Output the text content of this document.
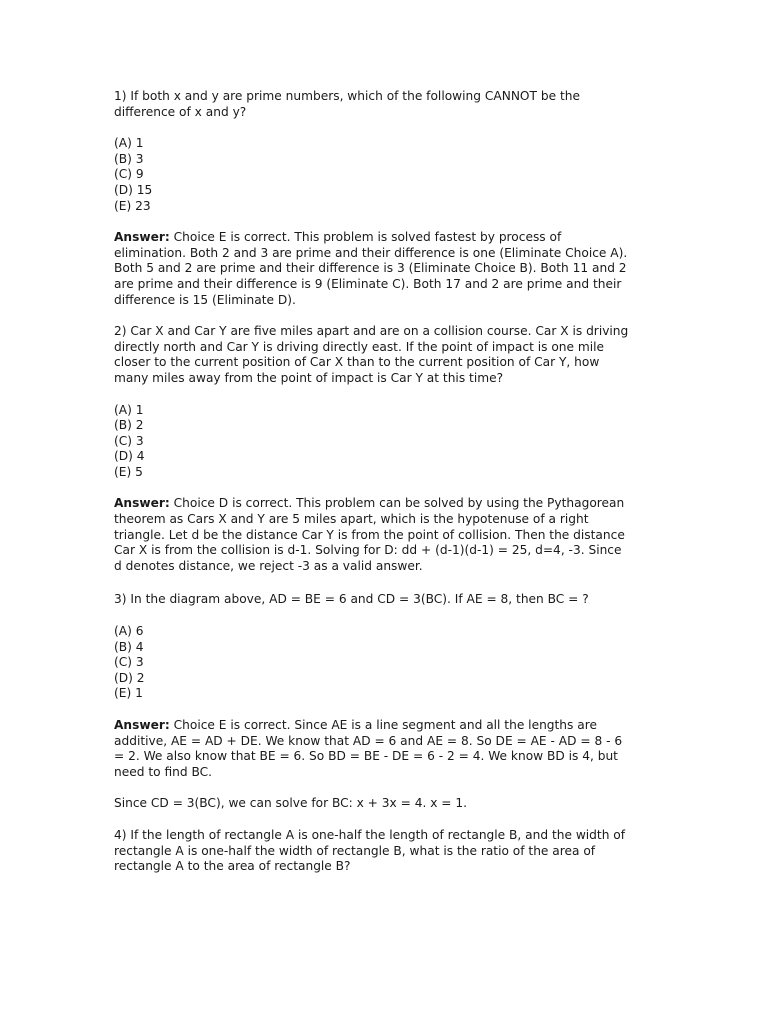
1) If both x and y are prime numbers, which of the following CANNOT be the
difference of x and y?
(A) 1
(B) 3
(C) 9
(D) 15
(E) 23
Answer: Choice E is correct. This problem is solved fastest by process of
elimination. Both 2 and 3 are prime and their difference is one (Eliminate Choice A).
Both 5 and 2 are prime and their difference is 3 (Eliminate Choice B). Both 11 and 2
are prime and their difference is 9 (Eliminate C). Both 17 and 2 are prime and their
difference is 15 (Eliminate D).
2) Car X and Car Y are five miles apart and are on a collision course. Car X is driving
directly north and Car Y is driving directly east. If the point of impact is one mile
closer to the current position of Car X than to the current position of Car Y, how
many miles away from the point of impact is Car Y at this time?
(A) 1
(B) 2
(C) 3
(D) 4
(E) 5
Answer: Choice D is correct. This problem can be solved by using the Pythagorean
theorem as Cars X and Y are 5 miles apart, which is the hypotenuse of a right
triangle. Let d be the distance Car Y is from the point of collision. Then the distance
Car X is from the collision is d-1. Solving for D: dd + (d-1)(d-1) = 25, d=4, -3. Since
d denotes distance, we reject -3 as a valid answer.
3) In the diagram above, AD = BE = 6 and CD = 3(BC). If AE = 8, then BC = ?
(A) 6
(B) 4
(C) 3
(D) 2
(E) 1
Answer: Choice E is correct. Since AE is a line segment and all the lengths are
additive, AE = AD + DE. We know that AD = 6 and AE = 8. So DE = AE - AD = 8 - 6
= 2. We also know that BE = 6. So BD = BE - DE = 6 - 2 = 4. We know BD is 4, but
need to find BC.
Since CD = 3(BC), we can solve for BC: x + 3x = 4. x = 1.
4) If the length of rectangle A is one-half the length of rectangle B, and the width of
rectangle A is one-half the width of rectangle B, what is the ratio of the area of
rectangle A to the area of rectangle B?
